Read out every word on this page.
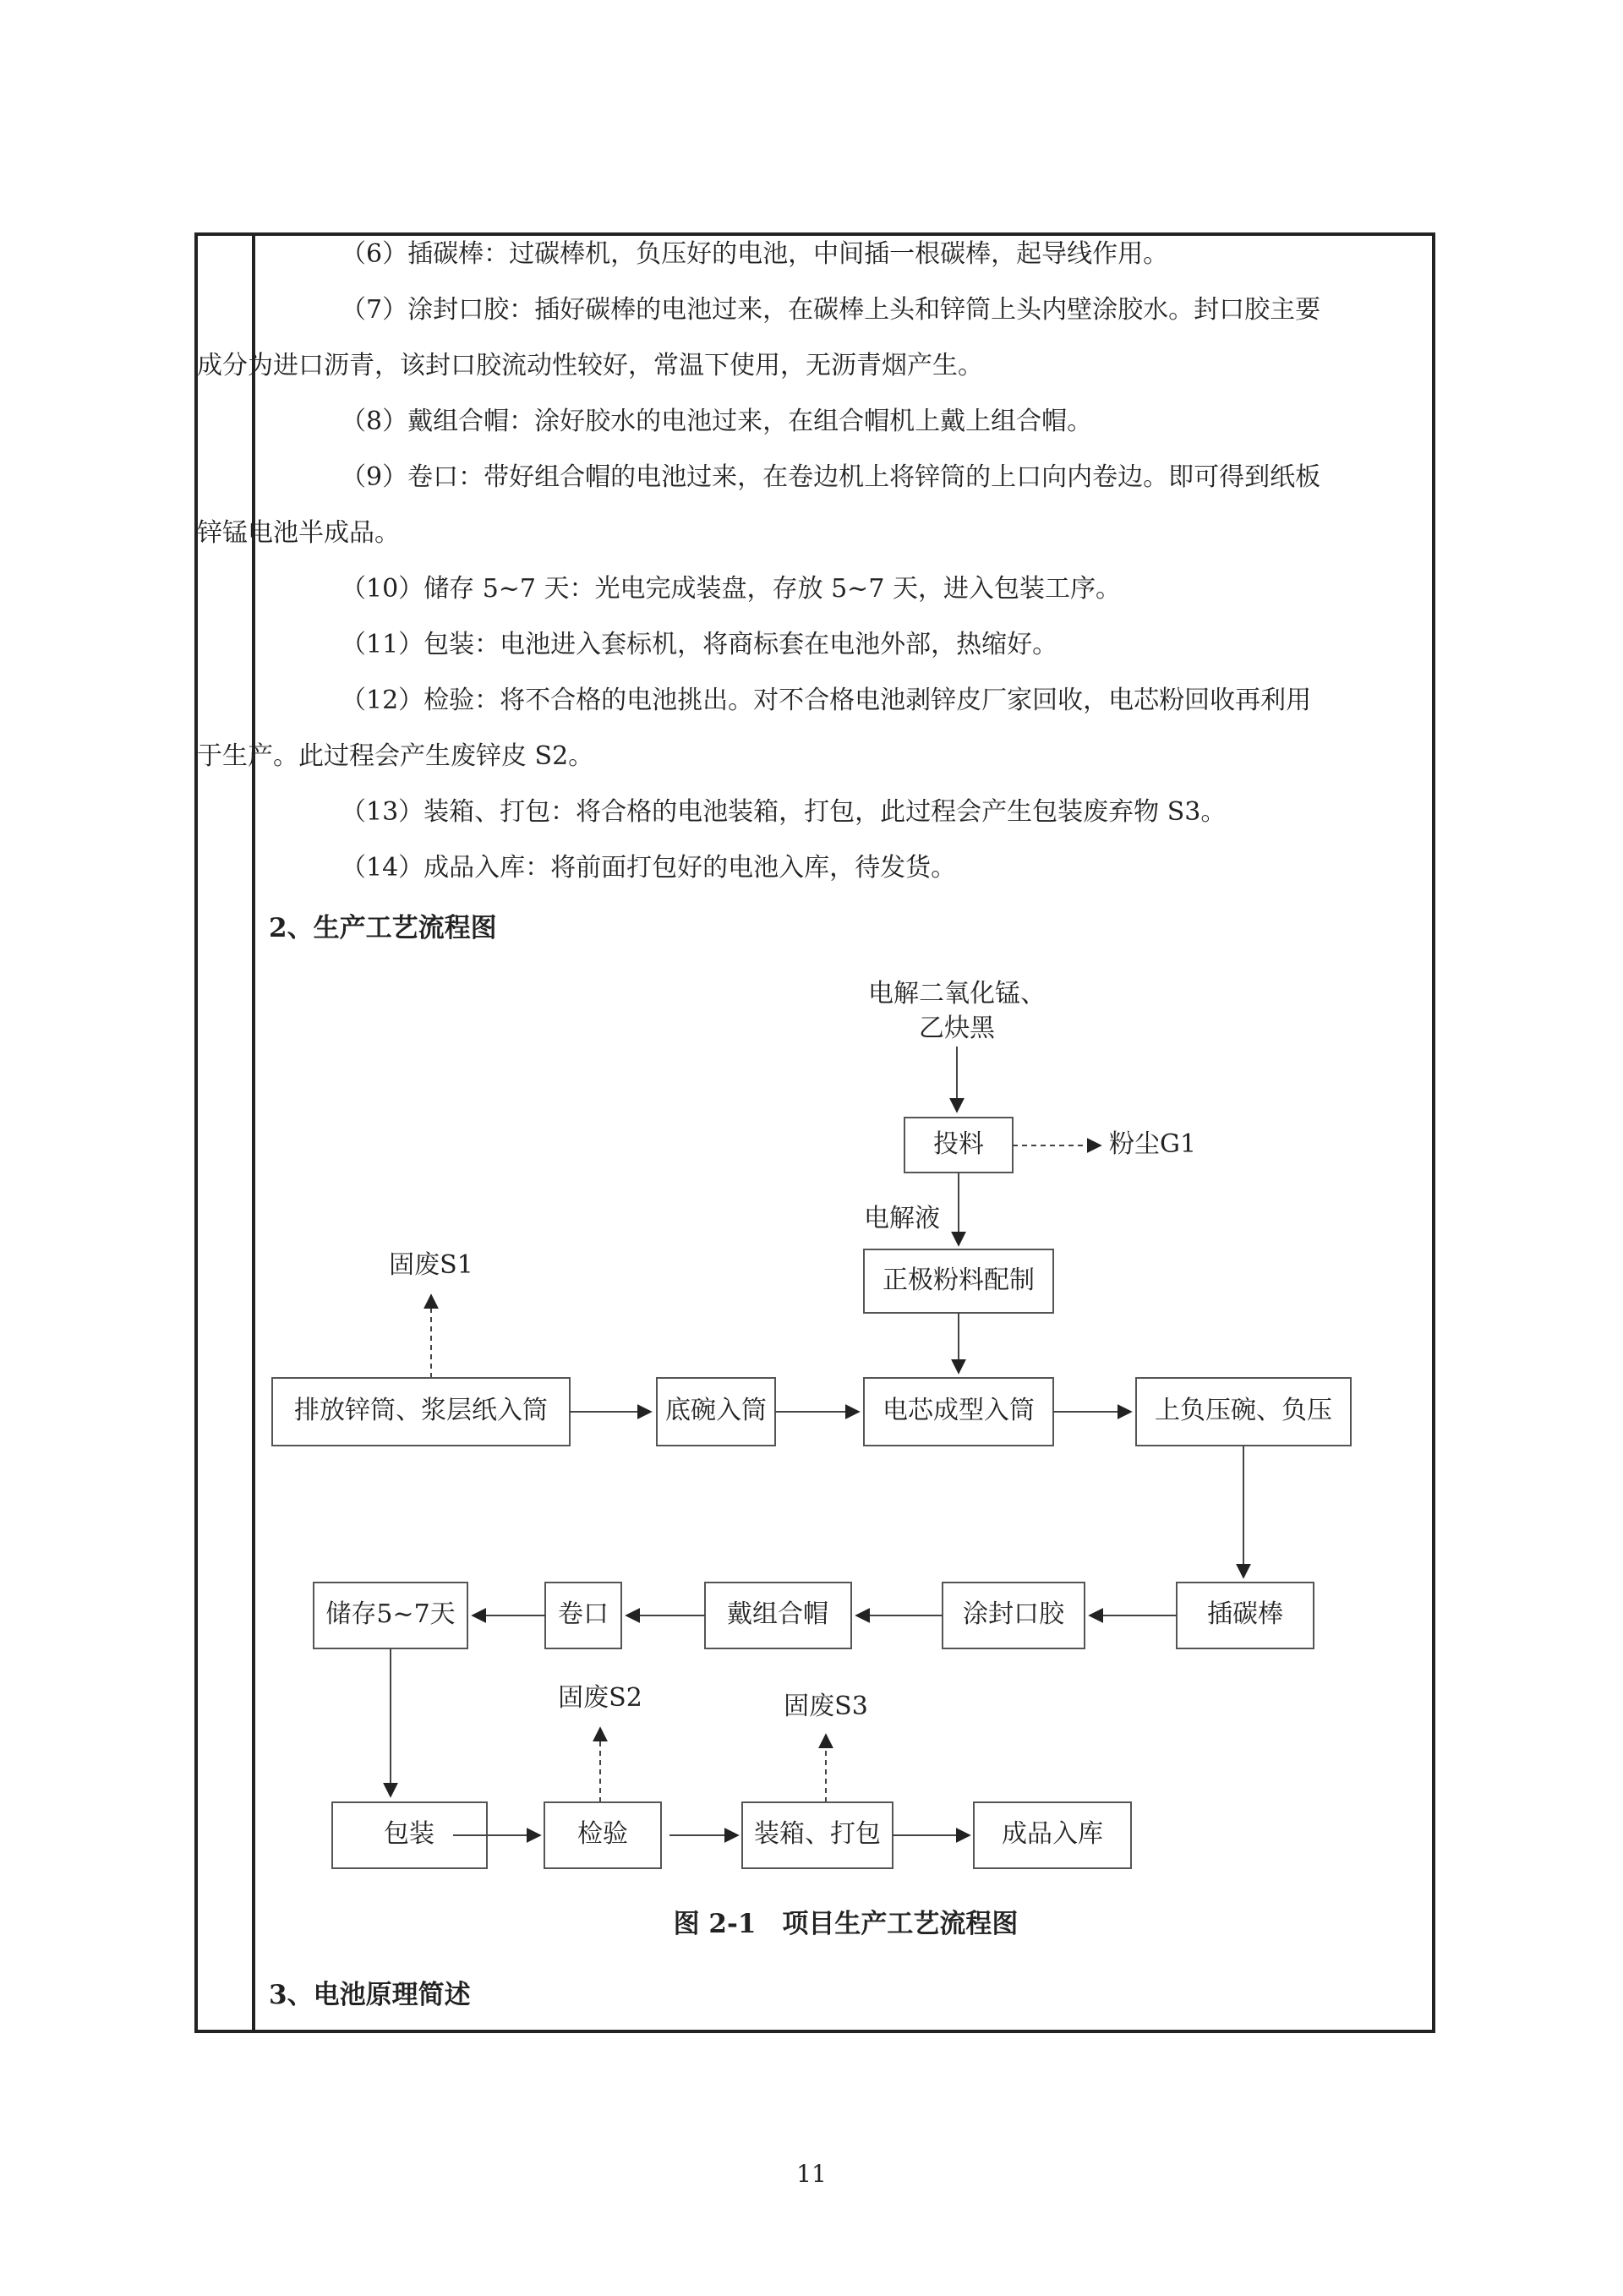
（6）插碳棒：过碳棒机，负压好的电池，中间插一根碳棒，起导线作用。

（7）涂封口胶：插好碳棒的电池过来，在碳棒上头和锌筒上头内壁涂胶水。封口胶主要
成分为进口沥青，该封口胶流动性较好，常温下使用，无沥青烟产生。

（8）戴组合帽：涂好胶水的电池过来，在组合帽机上戴上组合帽。

（9）卷口：带好组合帽的电池过来，在卷边机上将锌筒的上口向内卷边。即可得到纸板
锌锰电池半成品。

（10）储存 5~7 天：光电完成装盘，存放 5~7 天，进入包装工序。

（11）包装：电池进入套标机，将商标套在电池外部，热缩好。

（12）检验：将不合格的电池挑出。对不合格电池剥锌皮厂家回收，电芯粉回收再利用
于生产。此过程会产生废锌皮 S2。

（13）装箱、打包：将合格的电池装箱，打包，此过程会产生包装废弃物 S3。

（14）成品入库：将前面打包好的电池入库，待发货。

2、生产工艺流程图

电解二氧化锰、
乙炔黑
投料	粉尘G1
电解液
正极粉料配制
固废S1
排放锌筒、浆层纸入筒	底碗入筒	电芯成型入筒	上负压碗、负压
插碳棒
涂封口胶
戴组合帽
卷口
储存5~7天
固废S2	固废S3
包装	检验	装箱、打包	成品入库

图 2-1　项目生产工艺流程图

3、电池原理简述

11
